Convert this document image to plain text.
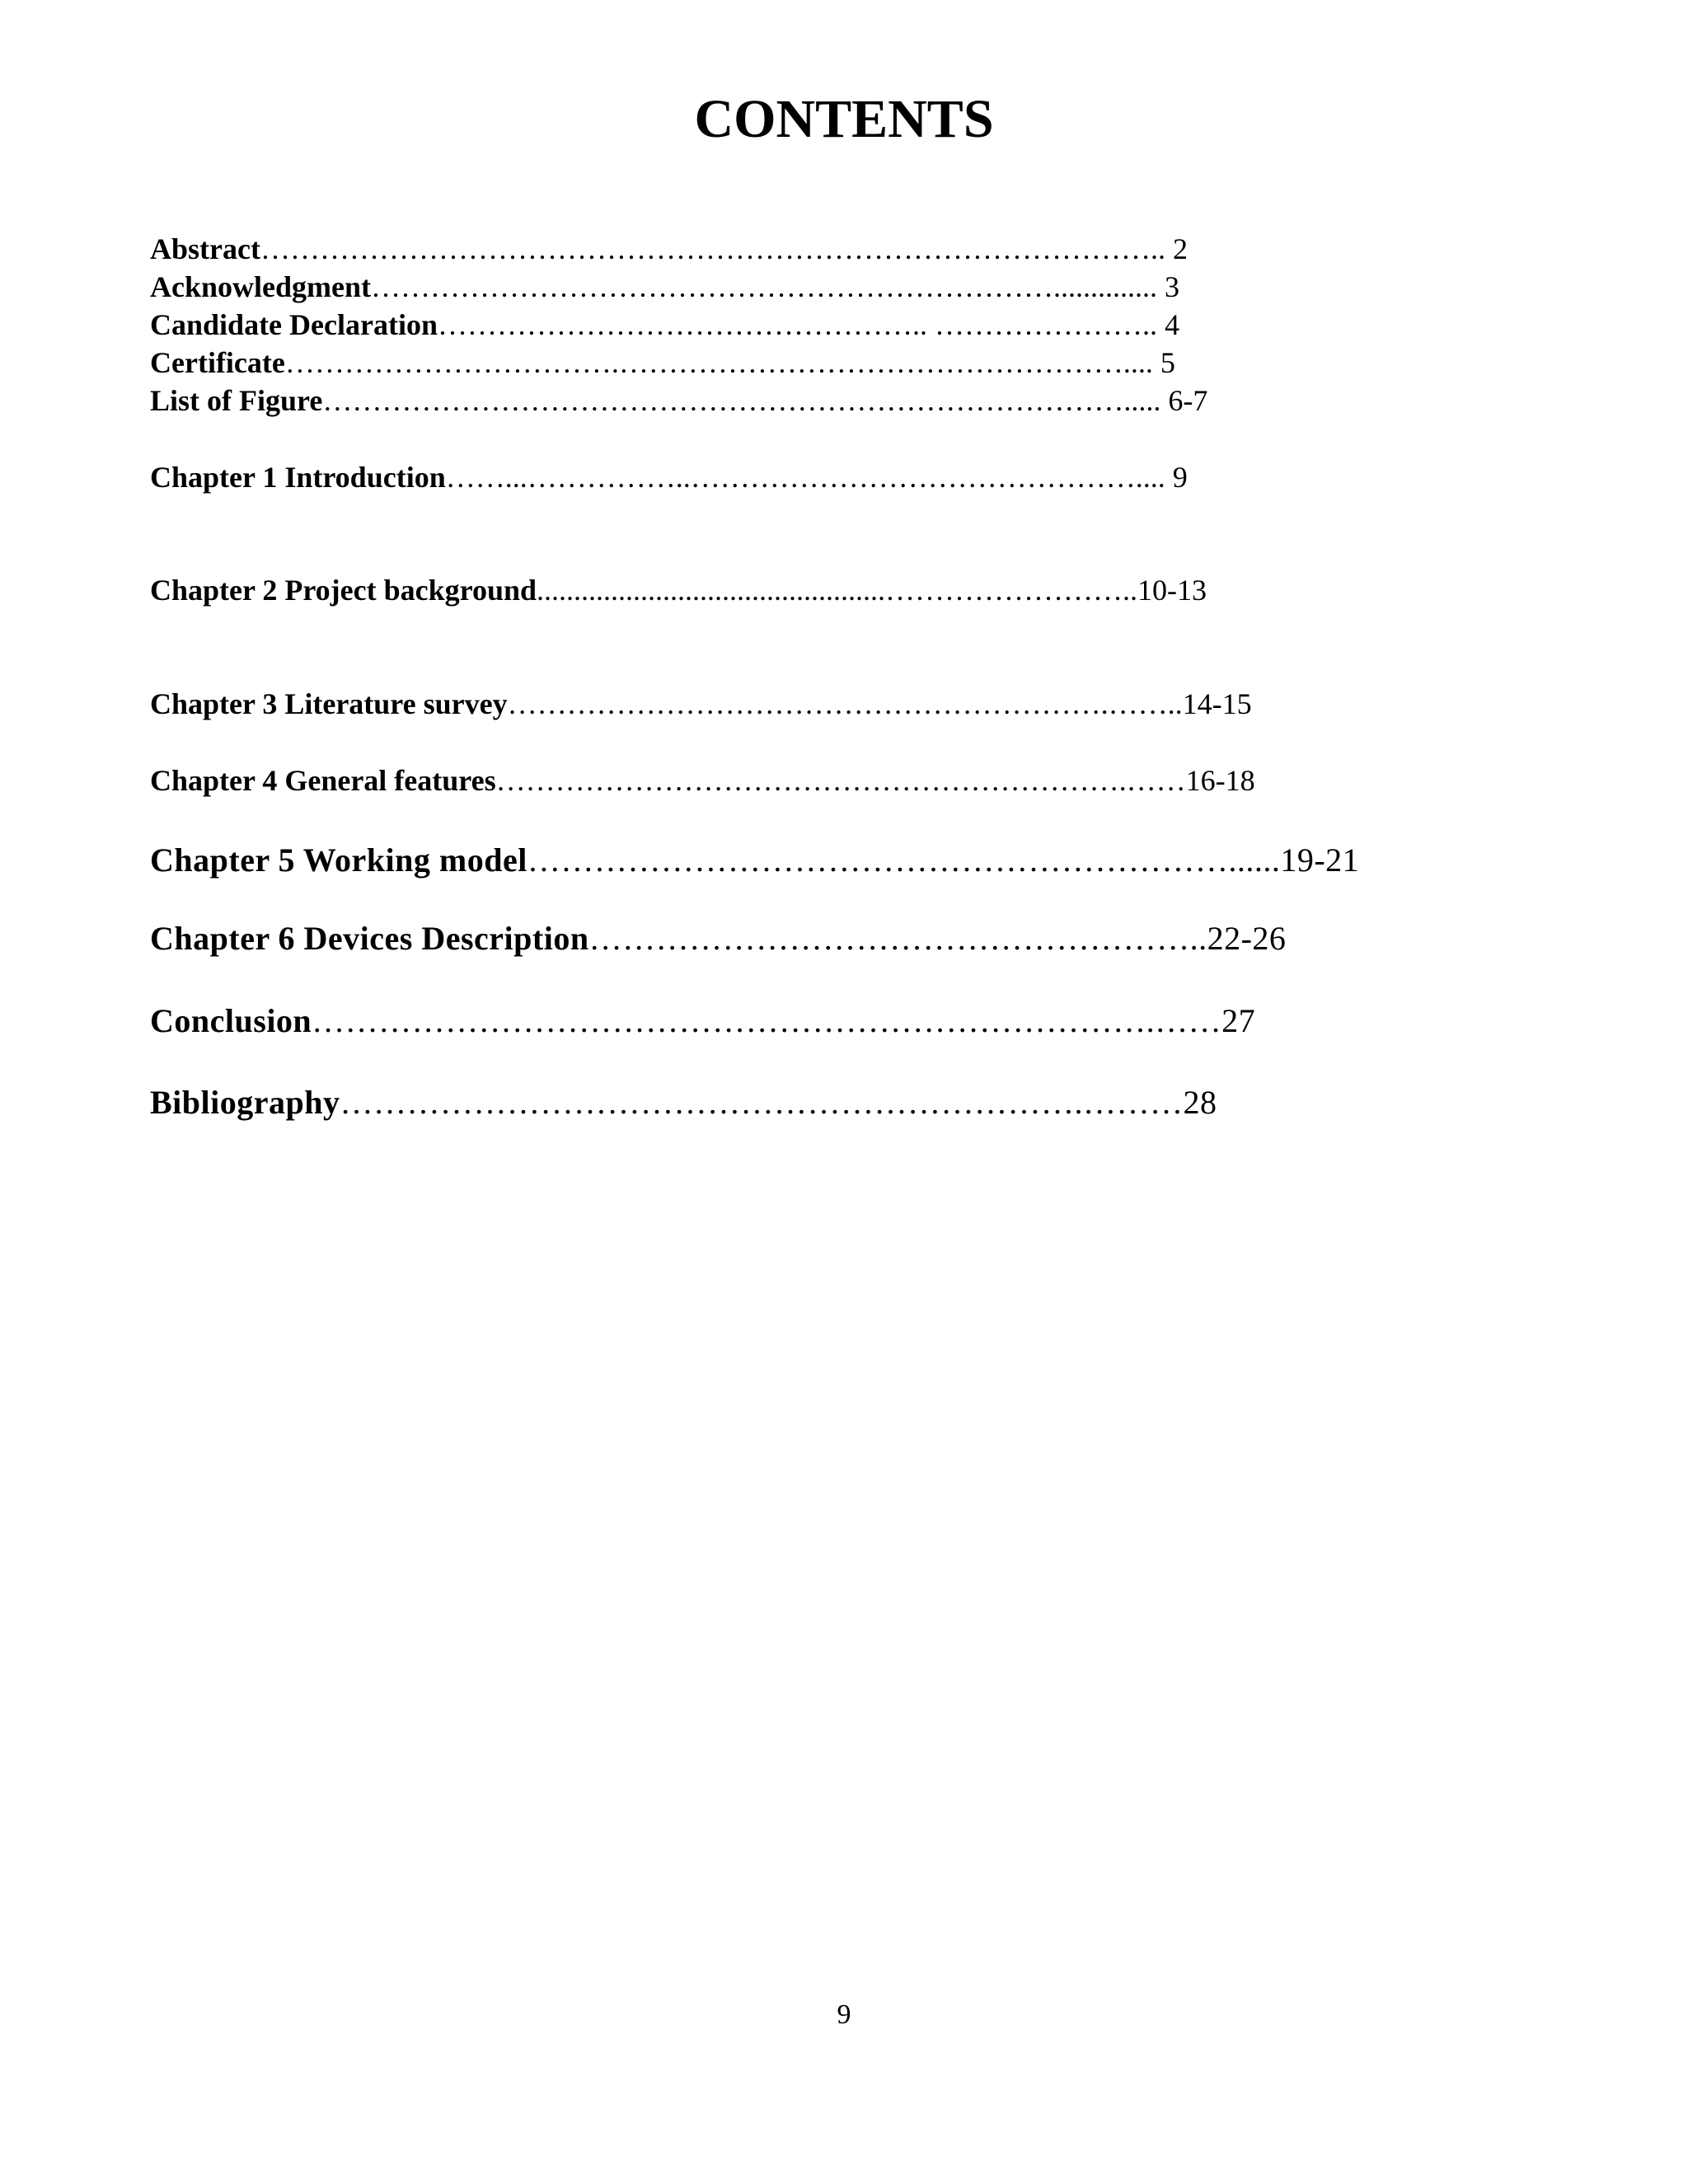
CONTENTS
Abstract……………………………………………………………………………….. 2
Acknowledgment…………………………………………………………….............. 3
Candidate Declaration………………………………………….. ………………….. 4
Certificate…………………………….…………………………………………….... 5
List of Figure………………………………………………………………………..... 6-7
Chapter 1 Introduction……...……………..……………………………………….... 9
Chapter 2 Project background...............................................……………………..10-13
Chapter 3 Literature survey…………………………………………………….……..14-15
Chapter 4 General features……………………………………………………….……16-18
Chapter 5 Working model………………………………………………………......19-21
Chapter 6 Devices Description………………………………………………..22-26
Conclusion………………………………………………………………….……27
Bibliography………………………………………………………….………28
9
